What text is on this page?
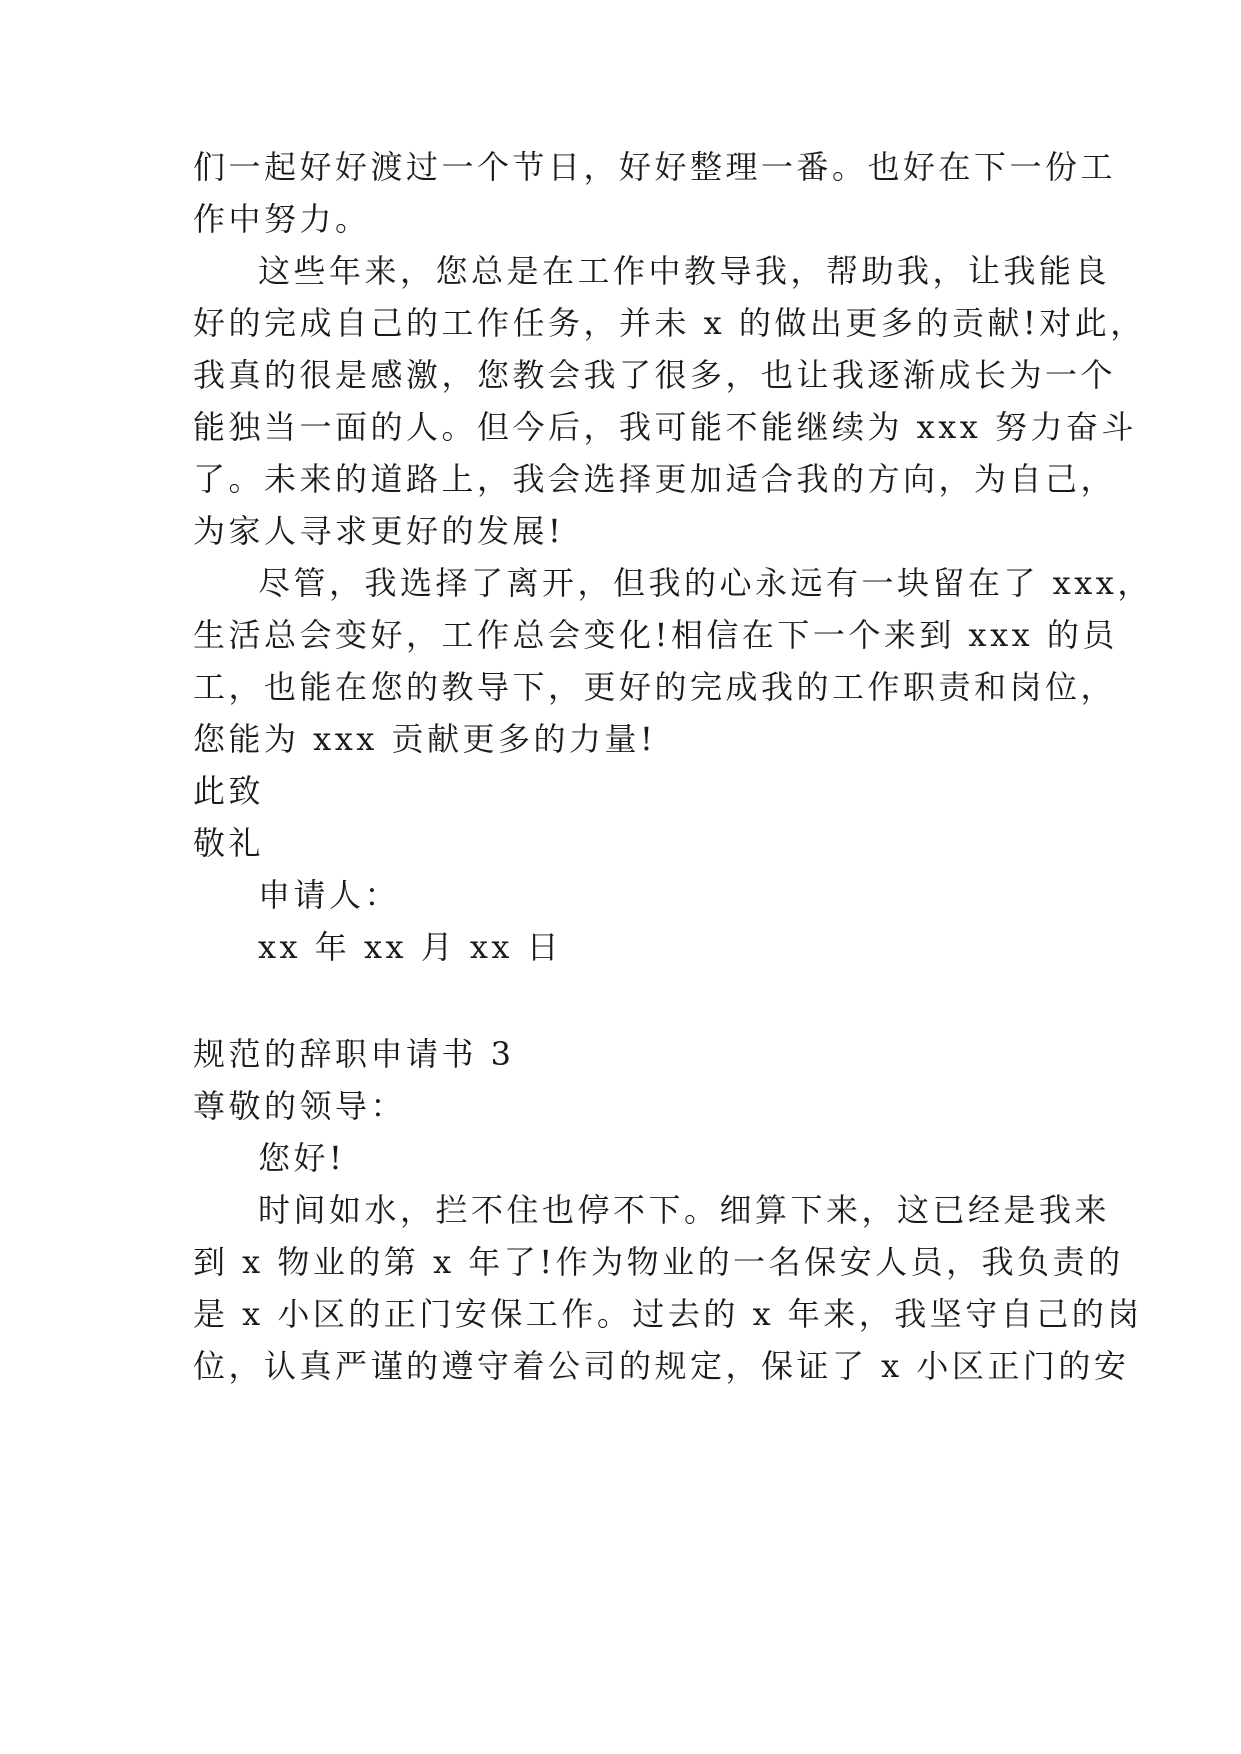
们一起好好渡过一个节日，好好整理一番。也好在下一份工
作中努力。
这些年来，您总是在工作中教导我，帮助我，让我能良
好的完成自己的工作任务，并未 x 的做出更多的贡献!对此，
我真的很是感激，您教会我了很多，也让我逐渐成长为一个
能独当一面的人。但今后，我可能不能继续为 xxx 努力奋斗
了。未来的道路上，我会选择更加适合我的方向，为自己，
为家人寻求更好的发展!
尽管，我选择了离开，但我的心永远有一块留在了 xxx，
生活总会变好，工作总会变化!相信在下一个来到 xxx 的员
工，也能在您的教导下，更好的完成我的工作职责和岗位，
您能为 xxx 贡献更多的力量!
此致
敬礼
申请人：
xx 年 xx 月 xx 日
规范的辞职申请书 3
尊敬的领导：
您好!
时间如水，拦不住也停不下。细算下来，这已经是我来
到 x 物业的第 x 年了!作为物业的一名保安人员，我负责的
是 x 小区的正门安保工作。过去的 x 年来，我坚守自己的岗
位，认真严谨的遵守着公司的规定，保证了 x 小区正门的安
